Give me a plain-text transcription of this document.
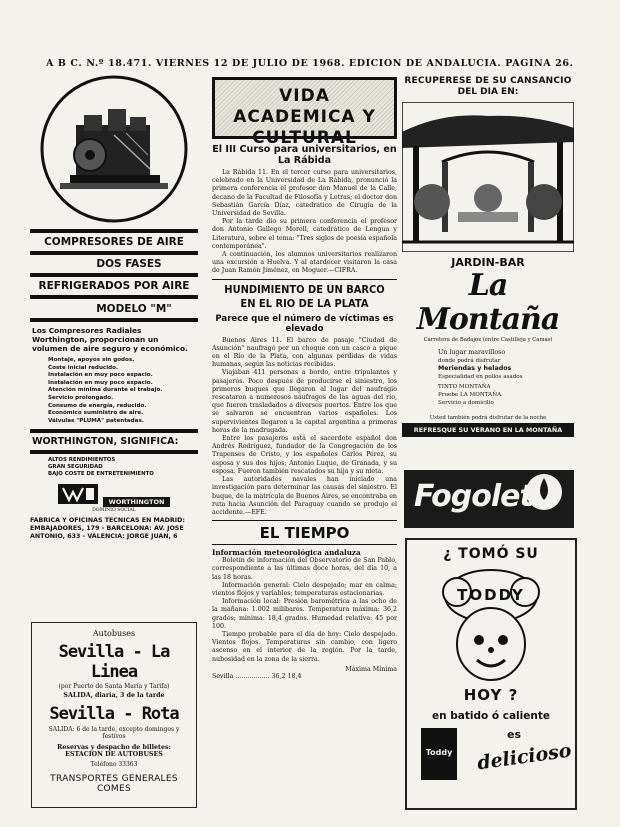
A B C. N.º 18.471. VIERNES 12 DE JULIO DE 1968. EDICION DE ANDALUCIA. PAGINA 26.
COMPRESORES DE AIRE
DOS FASES
REFRIGERADOS POR AIRE
MODELO "M"
Los Compresores Radiales Worthington, proporcionan un volumen de aire seguro y económico.
Montaje, apoyos sin godos.
Coste inicial reducido.
Instalación en muy poco espacio.
Instalación en muy poco espacio.
Atención mínima durante el trabajo.
Servicio prolongado.
Consumo de energía, reducido.
Económico suministro de aire.
Válvulas "PLUMA" patentadas.
WORTHINGTON, SIGNIFICA:
ALTOS RENDIMIENTOS
GRAN SEGURIDAD
BAJO COSTE DE ENTRETENIMIENTO
WORTHINGTON
DOMINIO SOCIAL
FABRICA Y OFICINAS TECNICAS EN MADRID: EMBAJADORES, 179 - BARCELONA: AV. JOSE ANTONIO, 633 - VALENCIA: JORGE JUAN, 6
Autobuses
Sevilla - La Linea
(por Puerto de Santa María y Tarifa)
SALIDA, diaria, 3 de la tarde
Sevilla - Rota
SALIDA: 6 de la tarde, excepto domingos y festivos
Reservas y despacho de billetes: ESTACION DE AUTOBUSES
Teléfono 33363
TRANSPORTES GENERALES COMES
VIDA ACADEMICA Y CULTURAL
El III Curso para universitarios, en La Rábida
La Rábida 11. En el tercer curso para universitarios, celebrado en la Universidad de La Rábida, pronunció la primera conferencia el profesor don Manuel de la Calle, decano de la Facultad de Filosofía y Letras; el doctor don Sebastián García Díaz, catedrático de Cirugía de la Universidad de Sevilla.
Por la tarde dio su primera conferencia el profesor don Antonio Gallego Morell, catedrático de Lengua y Literatura, sobre el tema: "Tres siglos de poesía española contemporánea".
A continuación, los alumnos universitarios realizaron una excursión a Huelva. Y al atardecer visitaron la casa de Juan Ramón Jiménez, en Moguer.—CIFRA.
HUNDIMIENTO DE UN BARCO EN EL RIO DE LA PLATA
Parece que el número de víctimas es elevado
Buenos Aires 11. El barco de pasaje "Ciudad de Asunción" naufragó por un choque con un casco a pique en el Río de la Plata, con algunas pérdidas de vidas humanas, según las noticias recibidas.
Viajaban 411 personas a bordo, entre tripulantes y pasajeros. Poco después de producirse el siniestro, los primeros buques que llegaron al lugar del naufragio rescataron a numerosos náufragos de las aguas del río, que fueron trasladados a diversos puertos. Entre los que se salvaron se encuentran varios españoles. Los supervivientes llegaron a la capital argentina a primeras horas de la madrugada.
Entre los pasajeros está el sacerdote español don Andrés Rodríguez, fundador de la Congregación de los Trapenses de Cristo, y los españoles Carlos Pérez, su esposa y sus dos hijos; Antonio Luque, de Granada, y su esposa. Fueron también rescatados su hija y su nieta.
Las autoridades navales han iniciado una investigación para determinar las causas del siniestro. El buque, de la matrícula de Buenos Aires, se encontraba en ruta hacia Asunción del Paraguay cuando se produjo el accidente.—EFE.
EL TIEMPO
Información meteorológica andaluza
Boletín de información del Observatorio de San Pablo, correspondiente a las últimas doce horas, del día 10, a las 18 horas.
Información general: Cielo despejado; mar en calma; vientos flojos y variables; temperaturas estacionarias.
Información local: Presión barométrica a las ocho de la mañana: 1.002 milibares. Temperatura máxima: 36,2 grados; mínima: 18,4 grados. Humedad relativa: 45 por 100.
Tiempo probable para el día de hoy: Cielo despejado. Vientos flojos. Temperaturas sin cambio, con ligero ascenso en el interior de la región. Por la tarde, nubosidad en la zona de la sierra.
Máxima Mínima
Sevilla ................. 36,2 18,4
RECUPERESE DE SU CANSANCIO
DEL DIA EN:
JARDIN-BAR
La Montaña
Carretera de Badajoz (entre Castilleja y Camas)
Un lugar maravilloso
donde podrá disfrutar
Meriendas y helados
Especialidad en pollos asados
TINTO MONTAÑA
Pruebe LA MONTAÑA
Servicio a domicilio
Usted también podrá disfrutar de la noche
REFRESQUE SU VERANO EN LA MONTAÑA
Fogolet
¿ TOMÓ SU
TODDY
HOY ?
en batido ó caliente
Toddy
es
delicioso
